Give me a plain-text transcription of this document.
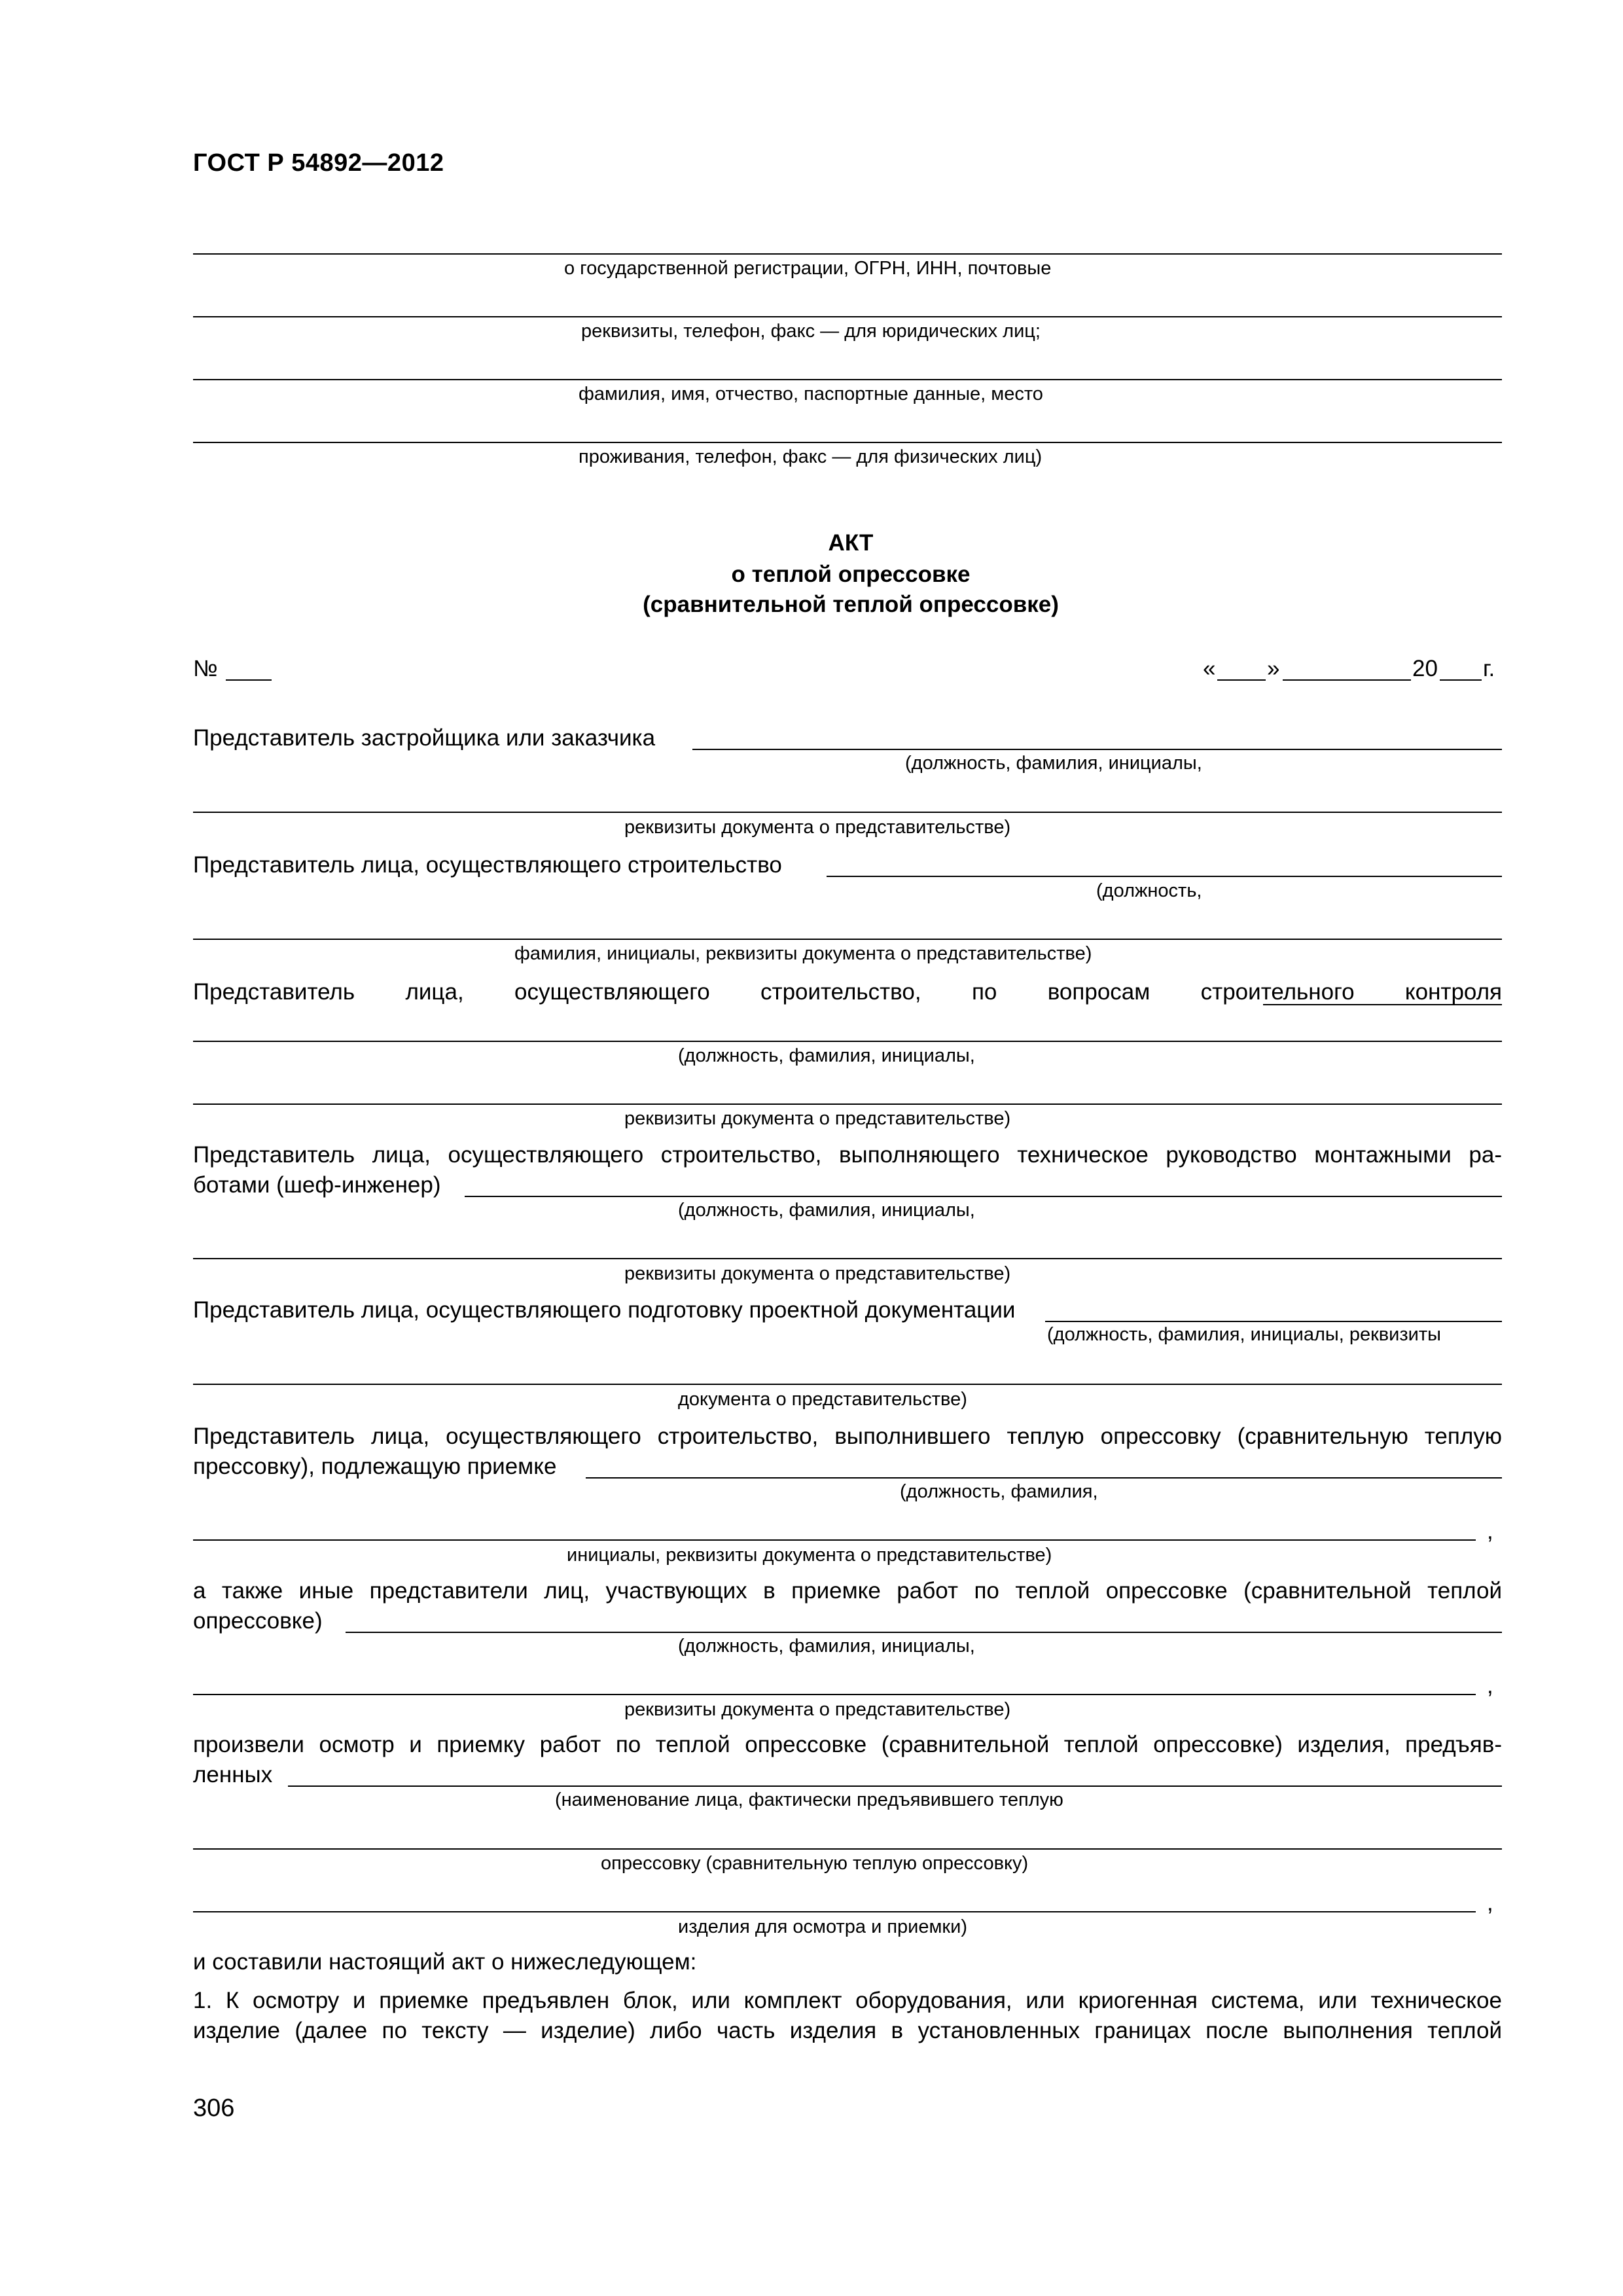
ГОСТ Р 54892—2012
о государственной регистрации, ОГРН, ИНН, почтовые
реквизиты, телефон, факс — для юридических лиц;
фамилия, имя, отчество, паспортные данные, место
проживания, телефон, факс — для физических лиц)
АКТ
о теплой опрессовке
(сравнительной теплой опрессовке)
№	« »	20 г.
Представитель застройщика или заказчика
(должность, фамилия, инициалы,
реквизиты документа о представительстве)
Представитель лица, осуществляющего строительство
(должность,
фамилия, инициалы, реквизиты документа о представительстве)
Представитель лица, осуществляющего строительство, по вопросам строительного контроля
(должность, фамилия, инициалы,
реквизиты документа о представительстве)
Представитель лица, осуществляющего строительство, выполняющего техническое руководство монтажными ра-
ботами (шеф-инженер)
(должность, фамилия, инициалы,
реквизиты документа о представительстве)
Представитель лица, осуществляющего подготовку проектной документации
(должность, фамилия, инициалы, реквизиты
документа о представительстве)
Представитель лица, осуществляющего строительство, выполнившего теплую опрессовку (сравнительную теплую
прессовку), подлежащую приемке
(должность, фамилия,
,
инициалы, реквизиты документа о представительстве)
а также иные представители лиц, участвующих в приемке работ по теплой опрессовке (сравнительной теплой
опрессовке)
(должность, фамилия, инициалы,
,
реквизиты документа о представительстве)
произвели осмотр и приемку работ по теплой опрессовке (сравнительной теплой опрессовке) изделия, предъяв-
ленных
(наименование лица, фактически предъявившего теплую
опрессовку (сравнительную теплую опрессовку)
,
изделия для осмотра и приемки)
и составили настоящий акт о нижеследующем:
1. К осмотру и приемке предъявлен блок, или комплект оборудования, или криогенная система, или техническое
изделие (далее по тексту — изделие) либо часть изделия в установленных границах после выполнения теплой
306
